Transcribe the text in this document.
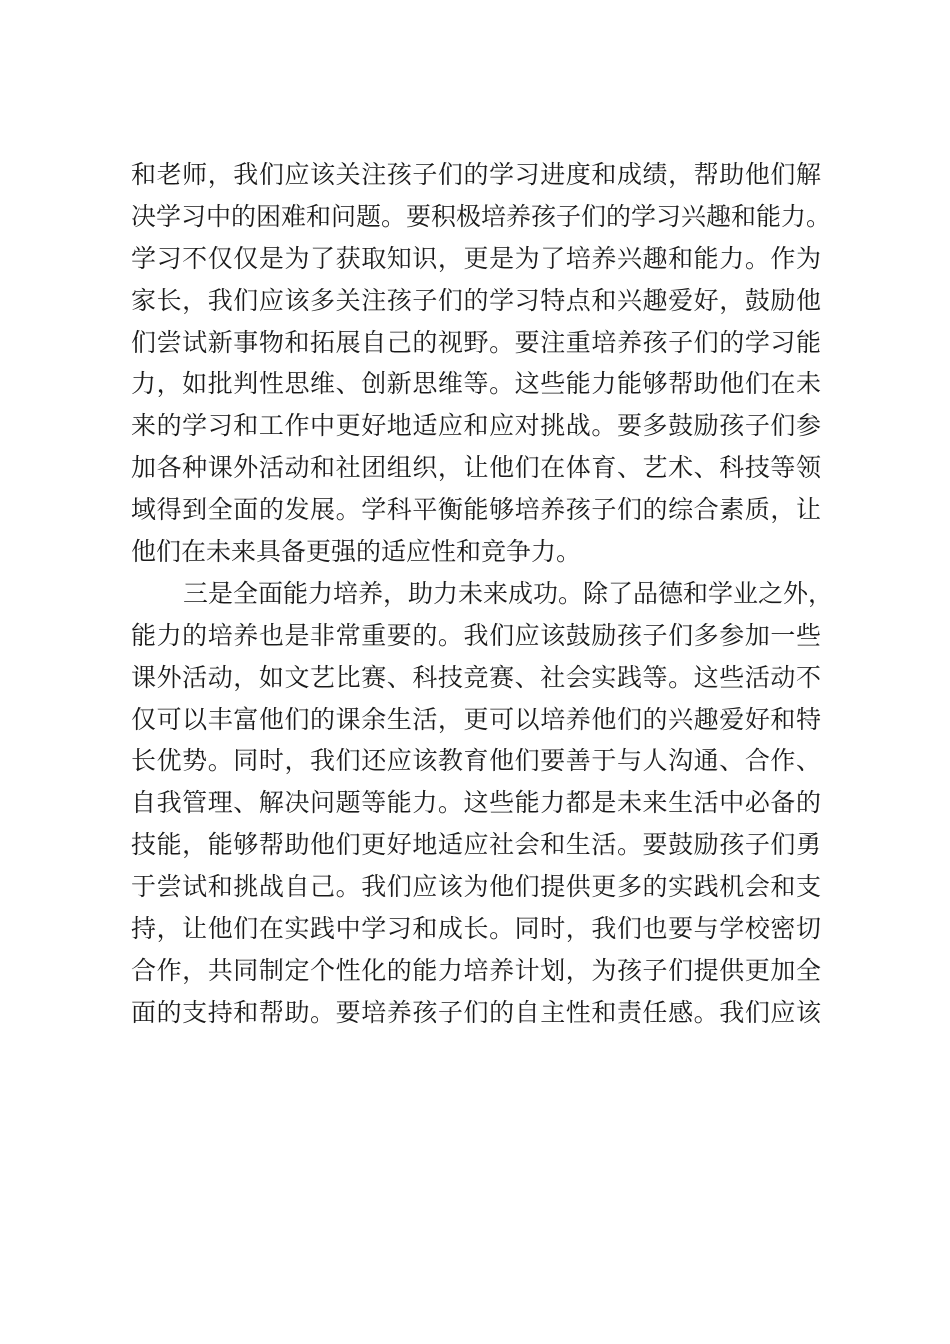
和老师，我们应该关注孩子们的学习进度和成绩，帮助他们解
决学习中的困难和问题。要积极培养孩子们的学习兴趣和能力。
学习不仅仅是为了获取知识，更是为了培养兴趣和能力。作为
家长，我们应该多关注孩子们的学习特点和兴趣爱好，鼓励他
们尝试新事物和拓展自己的视野。要注重培养孩子们的学习能
力，如批判性思维、创新思维等。这些能力能够帮助他们在未
来的学习和工作中更好地适应和应对挑战。要多鼓励孩子们参
加各种课外活动和社团组织，让他们在体育、艺术、科技等领
域得到全面的发展。学科平衡能够培养孩子们的综合素质，让
他们在未来具备更强的适应性和竞争力。
三是全面能力培养，助力未来成功。除了品德和学业之外，
能力的培养也是非常重要的。我们应该鼓励孩子们多参加一些
课外活动，如文艺比赛、科技竞赛、社会实践等。这些活动不
仅可以丰富他们的课余生活，更可以培养他们的兴趣爱好和特
长优势。同时，我们还应该教育他们要善于与人沟通、合作、
自我管理、解决问题等能力。这些能力都是未来生活中必备的
技能，能够帮助他们更好地适应社会和生活。要鼓励孩子们勇
于尝试和挑战自己。我们应该为他们提供更多的实践机会和支
持，让他们在实践中学习和成长。同时，我们也要与学校密切
合作，共同制定个性化的能力培养计划，为孩子们提供更加全
面的支持和帮助。要培养孩子们的自主性和责任感。我们应该
